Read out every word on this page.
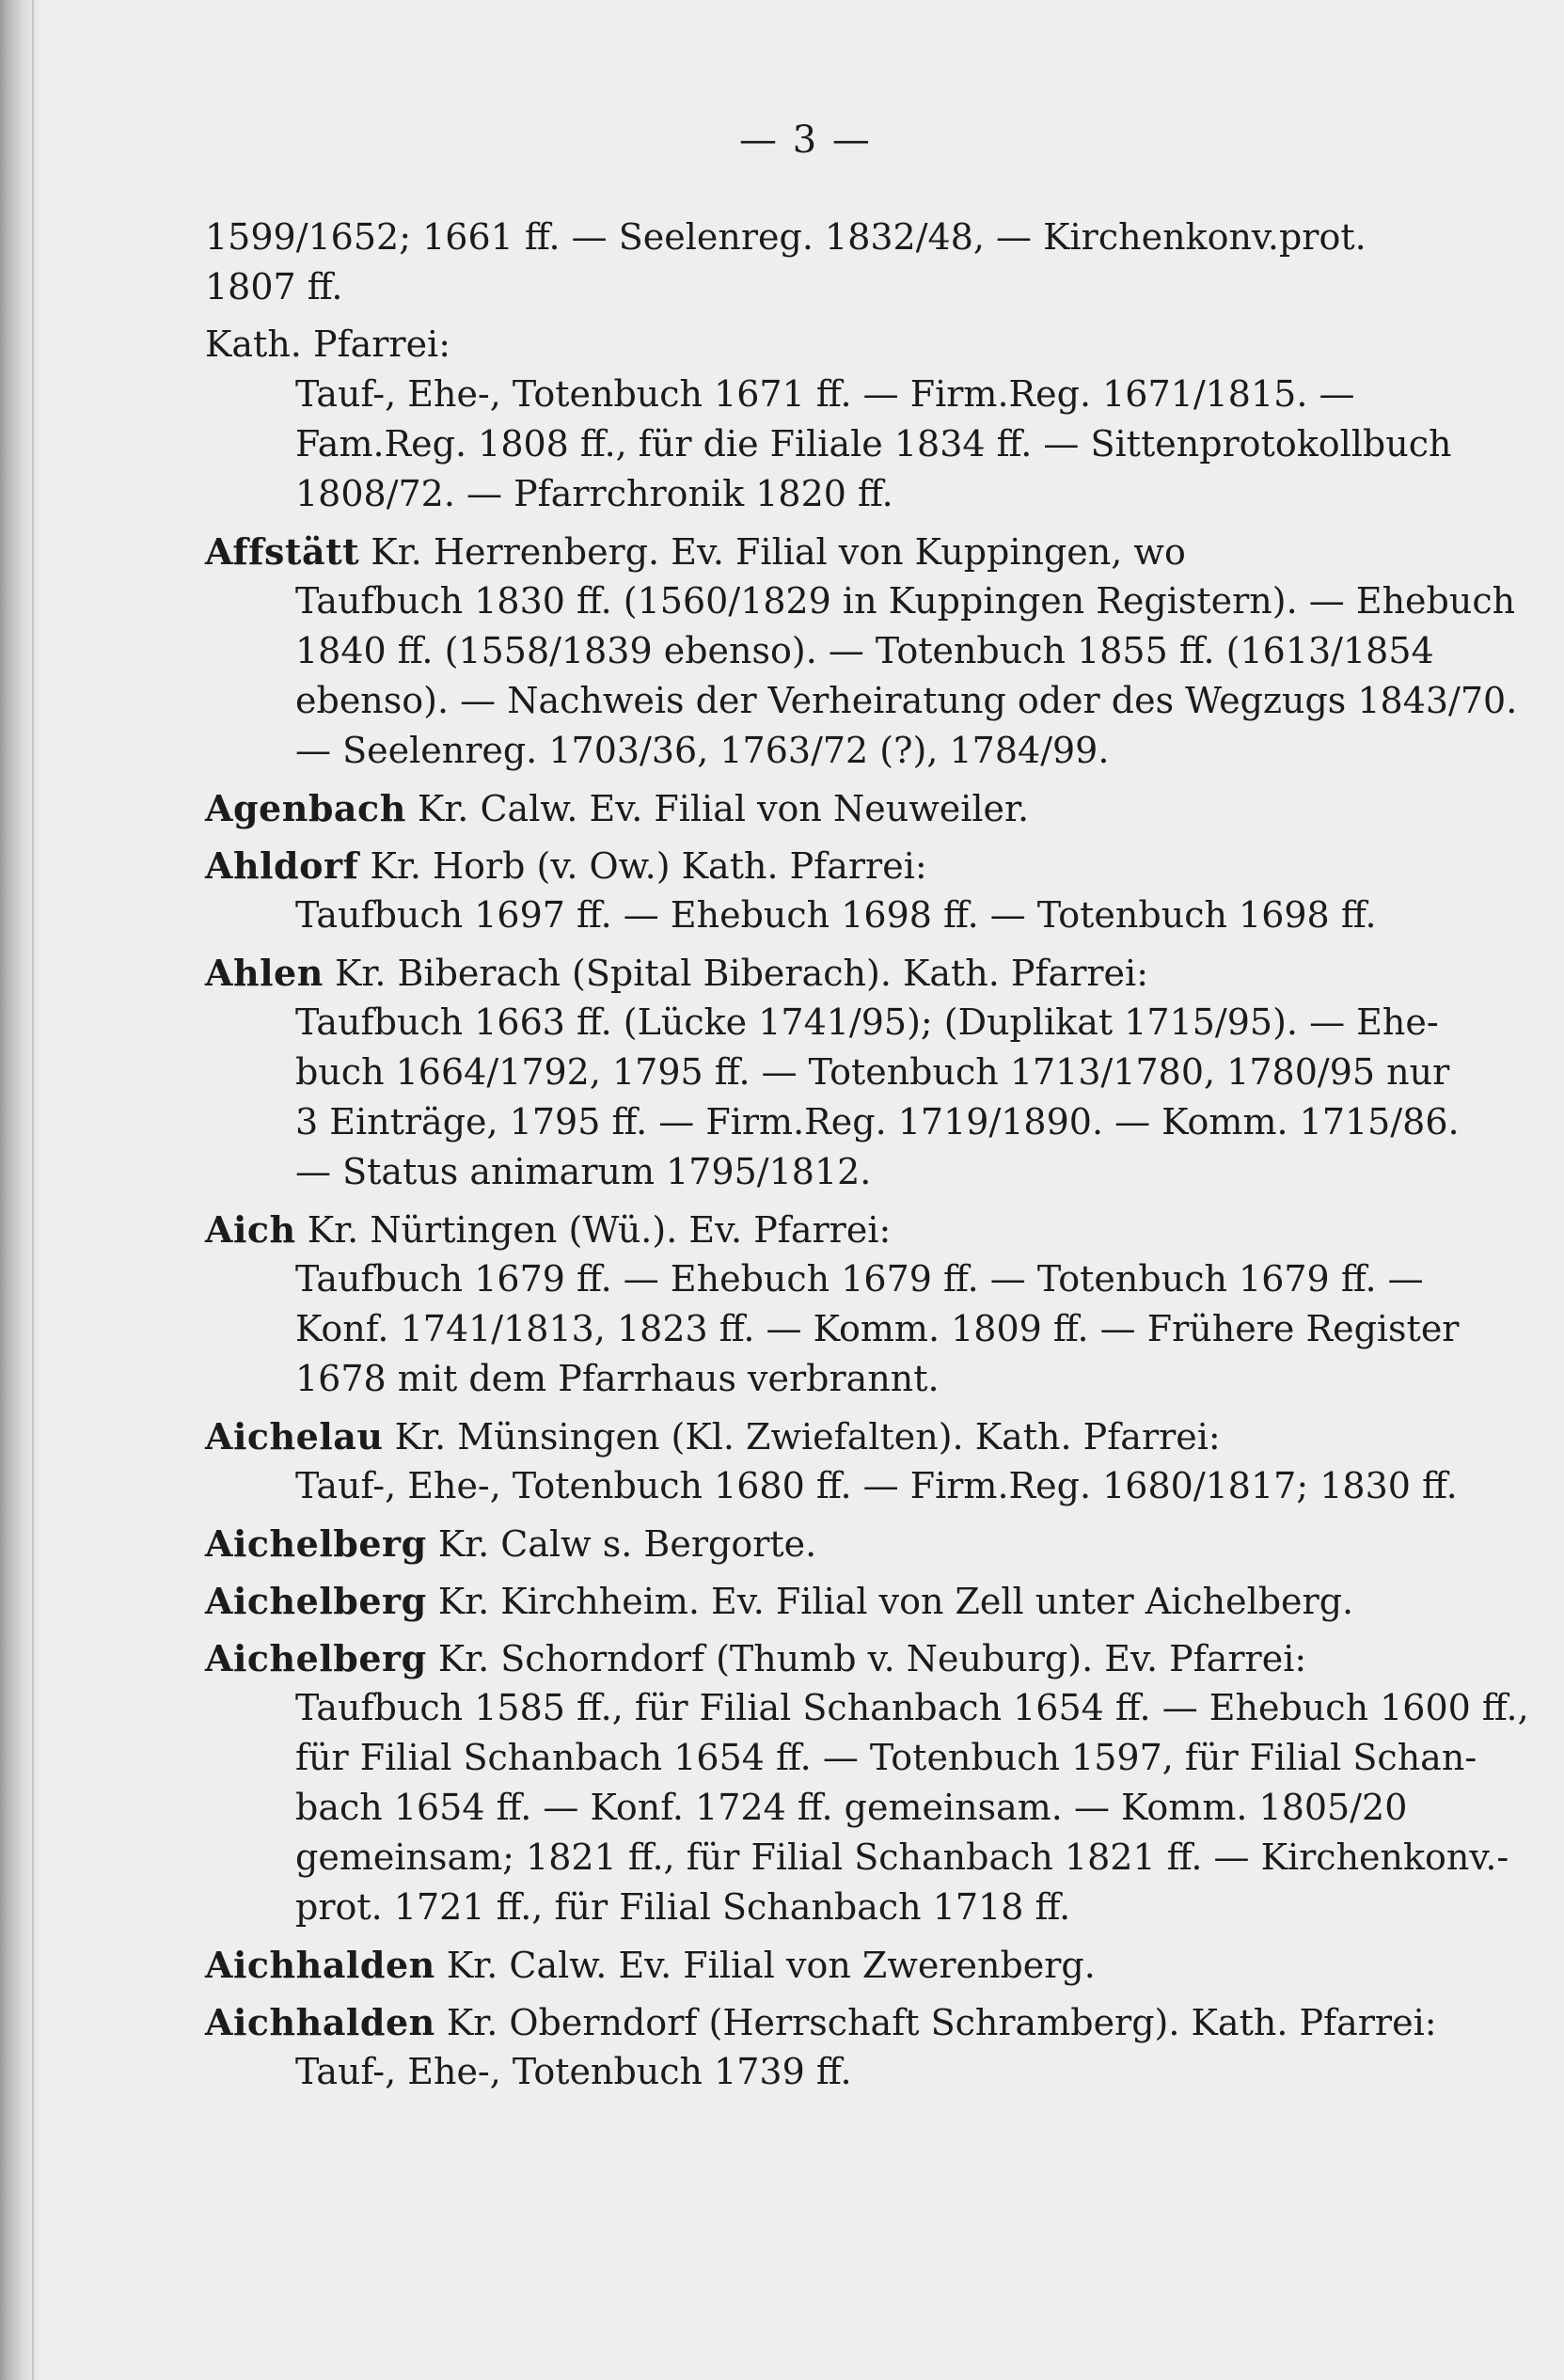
— 3 —
1599/1652; 1661 ff. — Seelenreg. 1832/48, — Kirchenkonv.prot.
1807 ff.
Kath. Pfarrei:
Tauf-, Ehe-, Totenbuch 1671 ff. — Firm.Reg. 1671/1815. —
Fam.Reg. 1808 ff., für die Filiale 1834 ff. — Sittenprotokollbuch
1808/72. — Pfarrchronik 1820 ff.
Affstätt Kr. Herrenberg. Ev. Filial von Kuppingen, wo
Taufbuch 1830 ff. (1560/1829 in Kuppingen Registern). — Ehebuch
1840 ff. (1558/1839 ebenso). — Totenbuch 1855 ff. (1613/1854
ebenso). — Nachweis der Verheiratung oder des Wegzugs 1843/70.
— Seelenreg. 1703/36, 1763/72 (?), 1784/99.
Agenbach Kr. Calw. Ev. Filial von Neuweiler.
Ahldorf Kr. Horb (v. Ow.) Kath. Pfarrei:
Taufbuch 1697 ff. — Ehebuch 1698 ff. — Totenbuch 1698 ff.
Ahlen Kr. Biberach (Spital Biberach). Kath. Pfarrei:
Taufbuch 1663 ff. (Lücke 1741/95); (Duplikat 1715/95). — Ehe-
buch 1664/1792, 1795 ff. — Totenbuch 1713/1780, 1780/95 nur
3 Einträge, 1795 ff. — Firm.Reg. 1719/1890. — Komm. 1715/86.
— Status animarum 1795/1812.
Aich Kr. Nürtingen (Wü.). Ev. Pfarrei:
Taufbuch 1679 ff. — Ehebuch 1679 ff. — Totenbuch 1679 ff. —
Konf. 1741/1813, 1823 ff. — Komm. 1809 ff. — Frühere Register
1678 mit dem Pfarrhaus verbrannt.
Aichelau Kr. Münsingen (Kl. Zwiefalten). Kath. Pfarrei:
Tauf-, Ehe-, Totenbuch 1680 ff. — Firm.Reg. 1680/1817; 1830 ff.
Aichelberg Kr. Calw s. Bergorte.
Aichelberg Kr. Kirchheim. Ev. Filial von Zell unter Aichelberg.
Aichelberg Kr. Schorndorf (Thumb v. Neuburg). Ev. Pfarrei:
Taufbuch 1585 ff., für Filial Schanbach 1654 ff. — Ehebuch 1600 ff.,
für Filial Schanbach 1654 ff. — Totenbuch 1597, für Filial Schan-
bach 1654 ff. — Konf. 1724 ff. gemeinsam. — Komm. 1805/20
gemeinsam; 1821 ff., für Filial Schanbach 1821 ff. — Kirchenkonv.-
prot. 1721 ff., für Filial Schanbach 1718 ff.
Aichhalden Kr. Calw. Ev. Filial von Zwerenberg.
Aichhalden Kr. Oberndorf (Herrschaft Schramberg). Kath. Pfarrei:
Tauf-, Ehe-, Totenbuch 1739 ff.
